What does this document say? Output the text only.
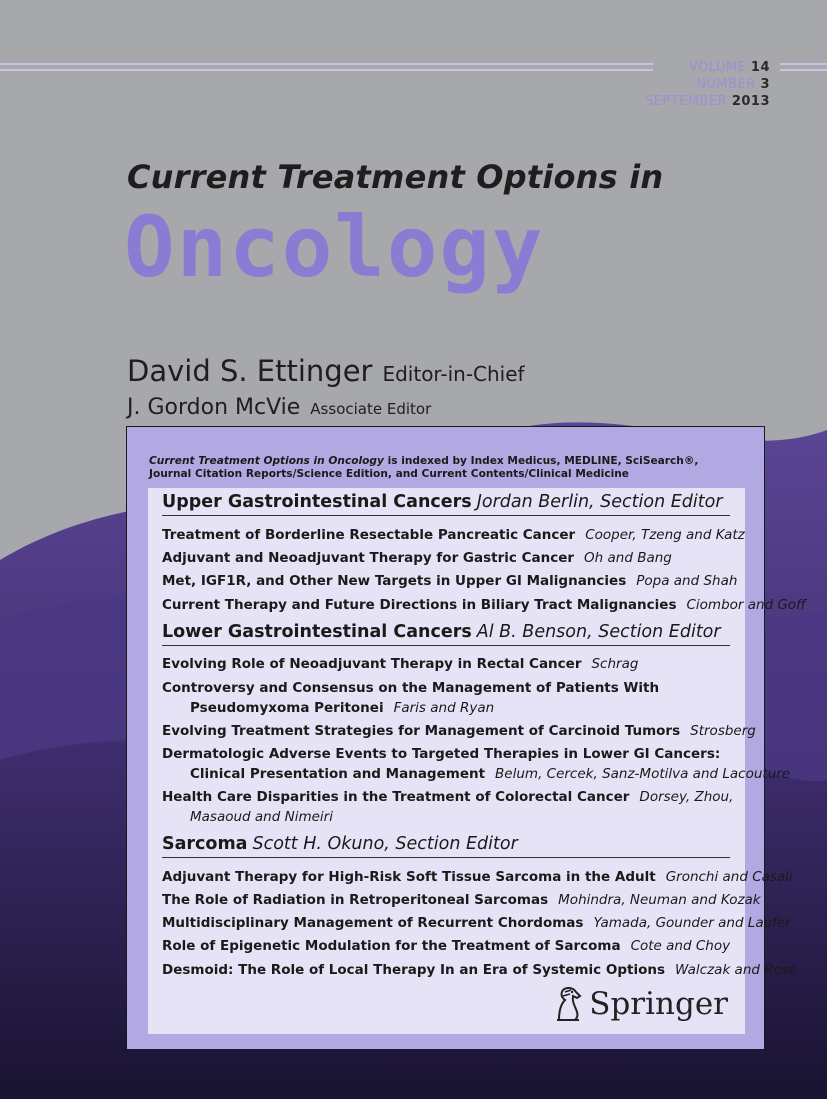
VOLUME 14
NUMBER 3
SEPTEMBER 2013
Current Treatment Options in
Oncology
David S. Ettinger Editor-in-Chief
J. Gordon McVie Associate Editor
Current Treatment Options in Oncology is indexed by Index Medicus, MEDLINE, SciSearch®, Journal Citation Reports/Science Edition, and Current Contents/Clinical Medicine
Upper Gastrointestinal Cancers Jordan Berlin, Section Editor
Treatment of Borderline Resectable Pancreatic Cancer Cooper, Tzeng and Katz
Adjuvant and Neoadjuvant Therapy for Gastric Cancer Oh and Bang
Met, IGF1R, and Other New Targets in Upper GI Malignancies Popa and Shah
Current Therapy and Future Directions in Biliary Tract Malignancies Ciombor and Goff
Lower Gastrointestinal Cancers Al B. Benson, Section Editor
Evolving Role of Neoadjuvant Therapy in Rectal Cancer Schrag
Controversy and Consensus on the Management of Patients With
Pseudomyxoma Peritonei Faris and Ryan
Evolving Treatment Strategies for Management of Carcinoid Tumors Strosberg
Dermatologic Adverse Events to Targeted Therapies in Lower GI Cancers:
Clinical Presentation and Management Belum, Cercek, Sanz-Motilva and Lacouture
Health Care Disparities in the Treatment of Colorectal Cancer Dorsey, Zhou,
Masaoud and Nimeiri
Sarcoma Scott H. Okuno, Section Editor
Adjuvant Therapy for High-Risk Soft Tissue Sarcoma in the Adult Gronchi and Casali
The Role of Radiation in Retroperitoneal Sarcomas Mohindra, Neuman and Kozak
Multidisciplinary Management of Recurrent Chordomas Yamada, Gounder and Laufer
Role of Epigenetic Modulation for the Treatment of Sarcoma Cote and Choy
Desmoid: The Role of Local Therapy In an Era of Systemic Options Walczak and Rose
Springer
